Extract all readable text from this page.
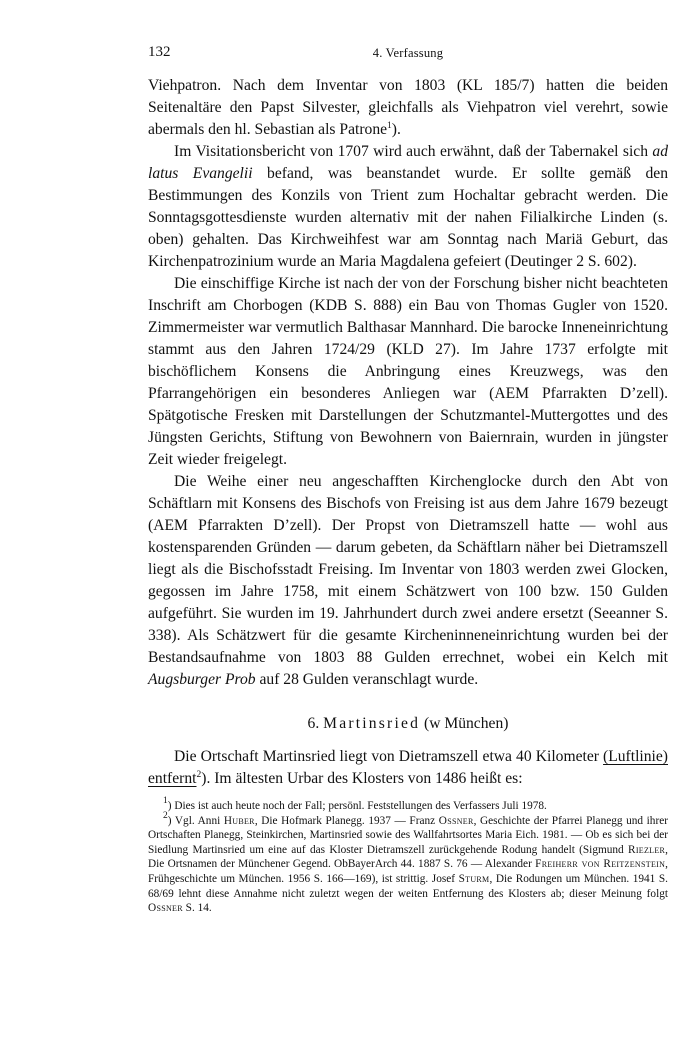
132	4. Verfassung

Viehpatron. Nach dem Inventar von 1803 (KL 185/7) hatten die beiden Seitenaltäre den Papst Silvester, gleichfalls als Viehpatron viel verehrt, sowie abermals den hl. Sebastian als Patrone$^1$).

Im Visitationsbericht von 1707 wird auch erwähnt, daß der Tabernakel sich ad latus Evangelii befand, was beanstandet wurde. Er sollte gemäß den Bestimmungen des Konzils von Trient zum Hochaltar gebracht werden. Die Sonntagsgottesdienste wurden alternativ mit der nahen Filialkirche Linden (s. oben) gehalten. Das Kirchweihfest war am Sonntag nach Mariä Geburt, das Kirchenpatrozinium wurde an Maria Magdalena gefeiert (Deutinger 2 S. 602).

Die einschiffige Kirche ist nach der von der Forschung bisher nicht beachteten Inschrift am Chorbogen (KDB S. 888) ein Bau von Thomas Gugler von 1520. Zimmermeister war vermutlich Balthasar Mannhard. Die barocke Inneneinrichtung stammt aus den Jahren 1724/29 (KLD 27). Im Jahre 1737 erfolgte mit bischöflichem Konsens die Anbringung eines Kreuzwegs, was den Pfarrangehörigen ein besonderes Anliegen war (AEM Pfarrakten D’zell). Spätgotische Fresken mit Darstellungen der Schutzmantel-Muttergottes und des Jüngsten Gerichts, Stiftung von Bewohnern von Baiernrain, wurden in jüngster Zeit wieder freigelegt.

Die Weihe einer neu angeschafften Kirchenglocke durch den Abt von Schäftlarn mit Konsens des Bischofs von Freising ist aus dem Jahre 1679 bezeugt (AEM Pfarrakten D’zell). Der Propst von Dietramszell hatte — wohl aus kostensparenden Gründen — darum gebeten, da Schäftlarn näher bei Dietramszell liegt als die Bischofsstadt Freising. Im Inventar von 1803 werden zwei Glocken, gegossen im Jahre 1758, mit einem Schätzwert von 100 bzw. 150 Gulden aufgeführt. Sie wurden im 19. Jahrhundert durch zwei andere ersetzt (Seeanner S. 338). Als Schätzwert für die gesamte Kircheninneneinrichtung wurden bei der Bestandsaufnahme von 1803 88 Gulden errechnet, wobei ein Kelch mit Augsburger Prob auf 28 Gulden veranschlagt wurde.

6. Martinsried (w München)

Die Ortschaft Martinsried liegt von Dietramszell etwa 40 Kilometer (Luftlinie) entfernt$^2$). Im ältesten Urbar des Klosters von 1486 heißt es:

$^1$) Dies ist auch heute noch der Fall; persönl. Feststellungen des Verfassers Juli 1978.

$^2$) Vgl. Anni Huber, Die Hofmark Planegg. 1937 — Franz Ossner, Geschichte der Pfarrei Planegg und ihrer Ortschaften Planegg, Steinkirchen, Martinsried sowie des Wallfahrtsortes Maria Eich. 1981. — Ob es sich bei der Siedlung Martinsried um eine auf das Kloster Dietramszell zurückgehende Rodung handelt (Sigmund Riezler, Die Ortsnamen der Münchener Gegend. ObBayerArch 44. 1887 S. 76 — Alexander Freiherr von Reitzenstein, Frühgeschichte um München. 1956 S. 166—169), ist strittig. Josef Sturm, Die Rodungen um München. 1941 S. 68/69 lehnt diese Annahme nicht zuletzt wegen der weiten Entfernung des Klosters ab; dieser Meinung folgt Ossner S. 14.
